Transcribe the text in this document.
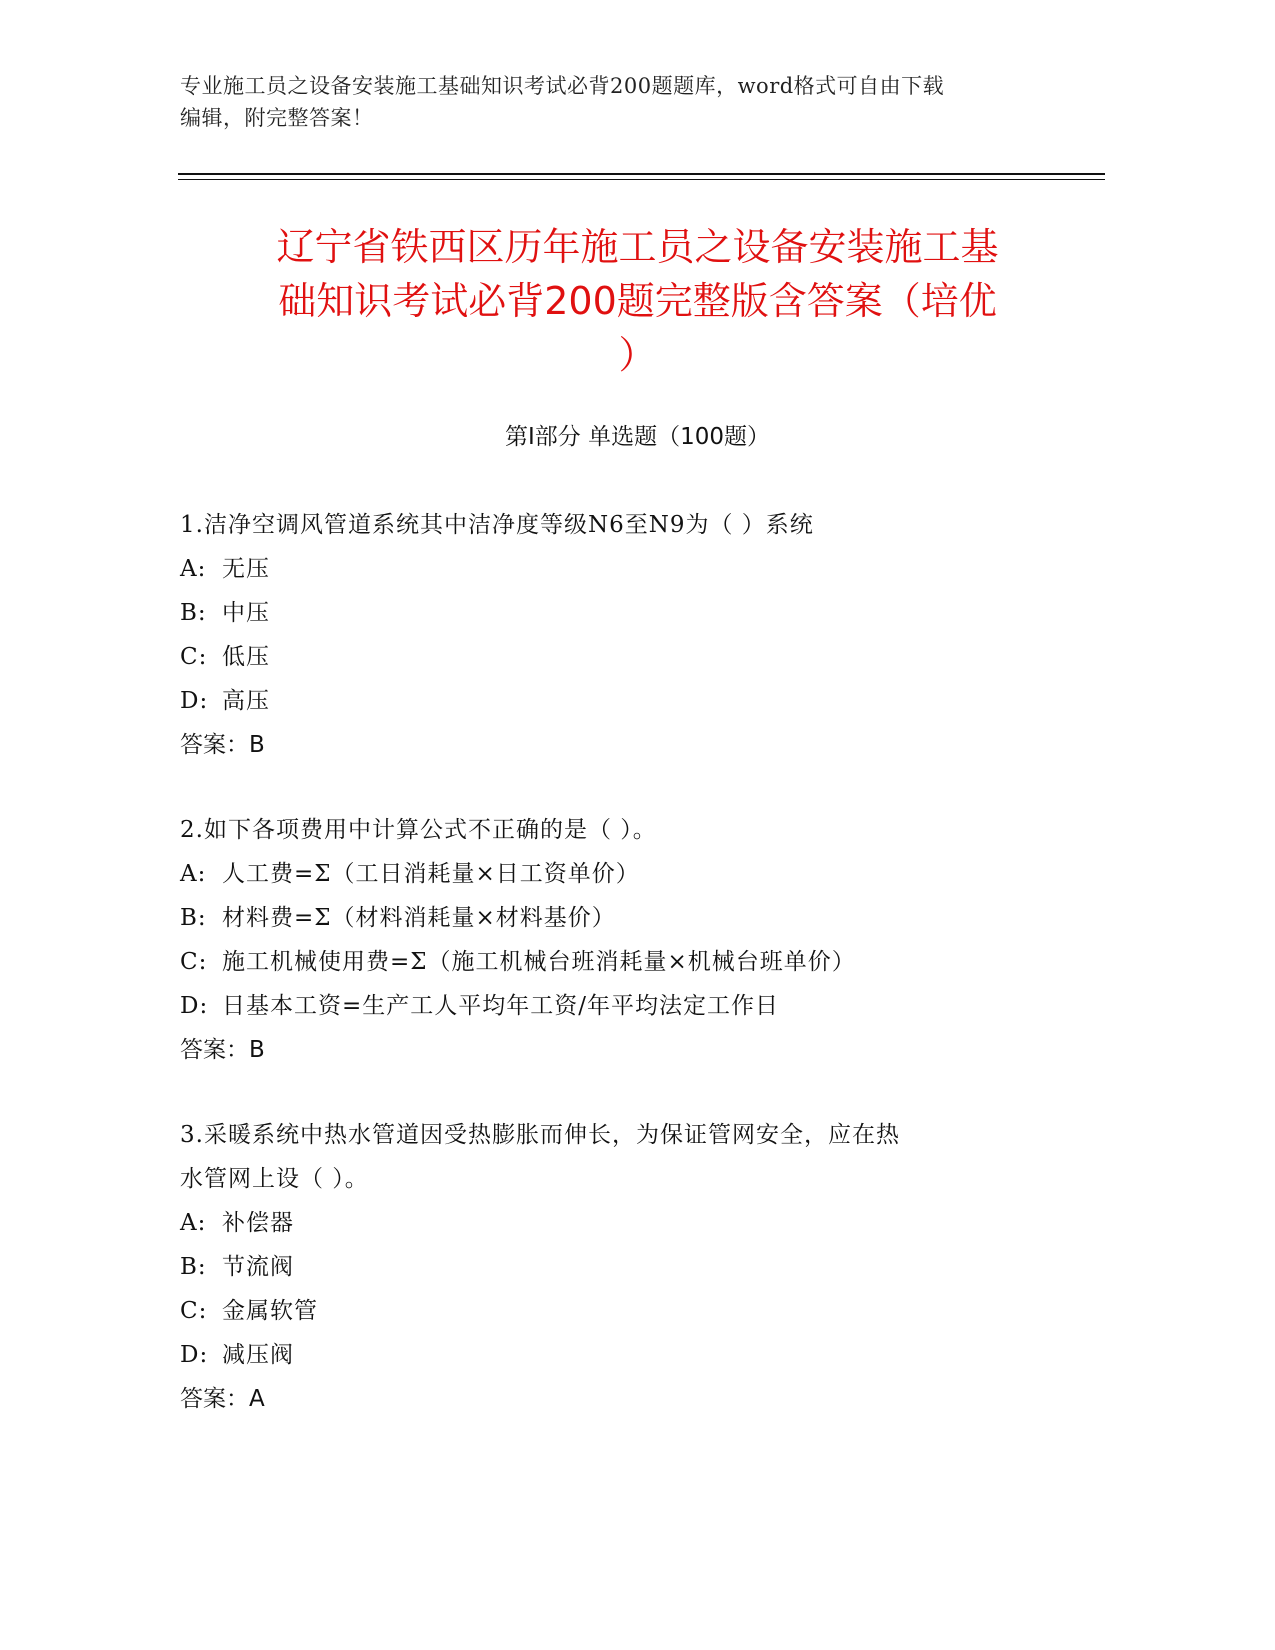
专业施工员之设备安装施工基础知识考试必背200题题库，word格式可自由下载
编辑，附完整答案！
辽宁省铁西区历年施工员之设备安装施工基
础知识考试必背200题完整版含答案（培优
）
第Ⅰ部分 单选题（100题）
1.洁净空调风管道系统其中洁净度等级N6至N9为（ ）系统
A: 无压
B: 中压
C: 低压
D: 高压
答案：B
2.如下各项费用中计算公式不正确的是（ ）。
A: 人工费=Σ（工日消耗量×日工资单价）
B: 材料费=Σ（材料消耗量×材料基价）
C: 施工机械使用费=Σ（施工机械台班消耗量×机械台班单价）
D: 日基本工资=生产工人平均年工资/年平均法定工作日
答案：B
3.采暖系统中热水管道因受热膨胀而伸长，为保证管网安全，应在热
水管网上设（ ）。
A: 补偿器
B: 节流阀
C: 金属软管
D: 减压阀
答案：A
